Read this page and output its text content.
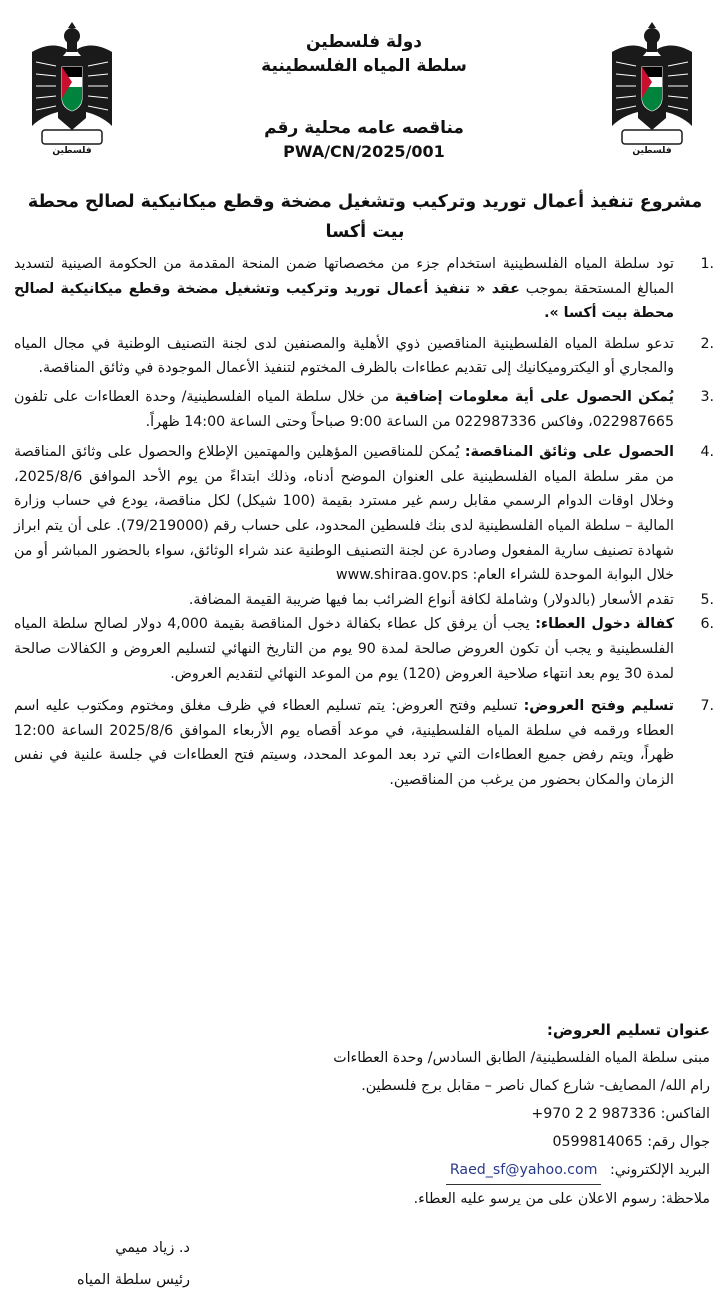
فلسطين	فلسطين
دولة فلسطين
سلطة المياه الفلسطينية
مناقصه عامه محلية رقم
PWA/CN/2025/001
مشروع تنفيذ أعمال توريد وتركيب وتشغيل مضخة وقطع ميكانيكية لصالح محطة بيت أكسا
1.
تود سلطة المياه الفلسطينية استخدام جزء من مخصصاتها ضمن المنحة المقدمة من الحكومة الصينية لتسديد المبالغ المستحقة بموجب عقد « تنفيذ أعمال توريد وتركيب وتشغيل مضخة وقطع ميكانيكية لصالح محطة بيت أكسا ».
2.
تدعو سلطة المياه الفلسطينية المناقصين ذوي الأهلية والمصنفين لدى لجنة التصنيف الوطنية في مجال المياه والمجاري أو اليكتروميكانيك إلى تقديم عطاءات بالظرف المختوم لتنفيذ الأعمال الموجودة في وثائق المناقصة.
3.
يُمكن الحصول على أية معلومات إضافية من خلال سلطة المياه الفلسطينية/ وحدة العطاءات على تلفون 022987665، وفاكس 022987336 من الساعة 9:00 صباحاً وحتى الساعة 14:00 ظهراً.
4.
الحصول على وثائق المناقصة: يُمكن للمناقصين المؤهلين والمهتمين الإطلاع والحصول على وثائق المناقصة من مقر سلطة المياه الفلسطينية على العنوان الموضح أدناه، وذلك ابتداءً من يوم الأحد الموافق 2025/8/6، وخلال اوقات الدوام الرسمي مقابل رسم غير مسترد بقيمة (100 شيكل) لكل مناقصة، يودع في حساب وزارة المالية – سلطة المياه الفلسطينية لدى بنك فلسطين المحدود، على حساب رقم (79/219000). على أن يتم ابراز شهادة تصنيف سارية المفعول وصادرة عن لجنة التصنيف الوطنية عند شراء الوثائق، سواء بالحضور المباشر أو من خلال البوابة الموحدة للشراء العام: www.shiraa.gov.ps
5.
تقدم الأسعار (بالدولار) وشاملة لكافة أنواع الضرائب بما فيها ضريبة القيمة المضافة.
6.
كفالة دخول العطاء: يجب أن يرفق كل عطاء بكفالة دخول المناقصة بقيمة 4,000 دولار لصالح سلطة المياه الفلسطينية و يجب أن تكون العروض صالحة لمدة 90 يوم من التاريخ النهائي لتسليم العروض و الكفالات صالحة لمدة 30 يوم بعد انتهاء صلاحية العروض (120) يوم من الموعد النهائي لتقديم العروض.
7.
تسليم وفتح العروض: تسليم وفتح العروض: يتم تسليم العطاء في ظرف مغلق ومختوم ومكتوب عليه اسم العطاء ورقمه في سلطة المياه الفلسطينية، في موعد أقصاه يوم الأربعاء الموافق 2025/8/6 الساعة 12:00 ظهراً، ويتم رفض جميع العطاءات التي ترد بعد الموعد المحدد، وسيتم فتح العطاءات في جلسة علنية في نفس الزمان والمكان بحضور من يرغب من المناقصين.
عنوان تسليم العروض:
مبنى سلطة المياه الفلسطينية/ الطابق السادس/ وحدة العطاءات
رام الله/ المصايف- شارع كمال ناصر – مقابل برج فلسطين.
الفاكس: +970 2 2 987336
جوال رقم: 0599814065
البريد الإلكتروني: Raed_sf@yahoo.com
ملاحظة: رسوم الاعلان على من يرسو عليه العطاء.
د. زياد ميمي
رئيس سلطة المياه
